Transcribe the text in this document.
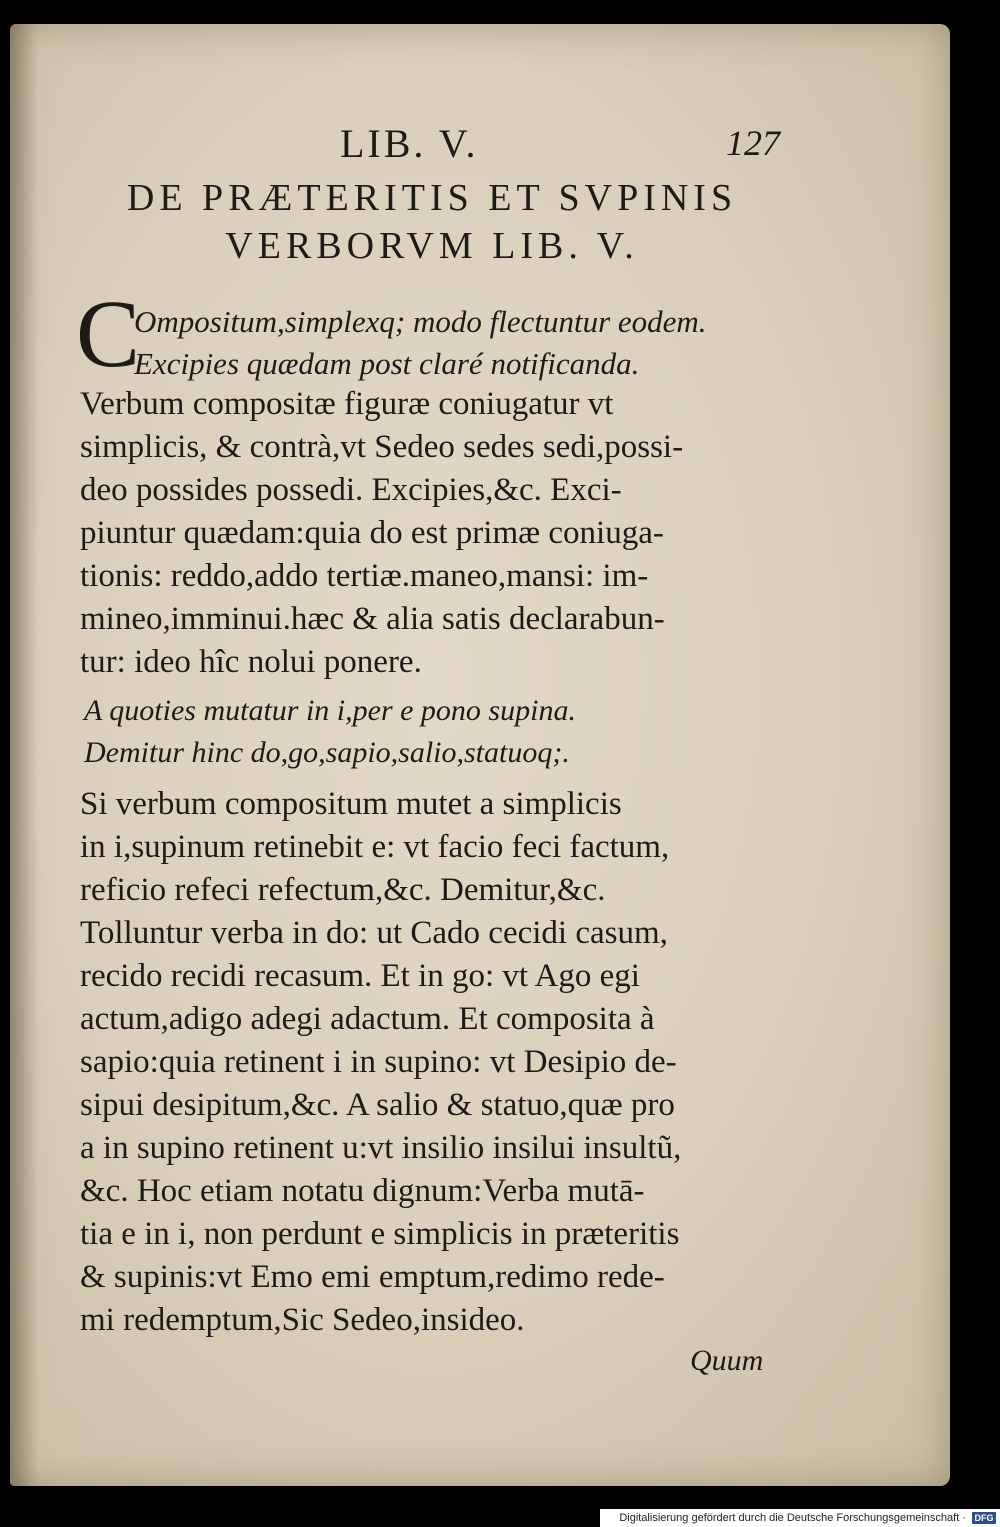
LIB. V.	127
DE PRÆTERITIS ET SVPINIS
VERBORVM LIB. V.
C
Ompositum,simplexq; modo flectuntur eodem.
Excipies quædam post claré notificanda.
Verbum compositæ figuræ coniugatur vt
simplicis, & contrà,vt Sedeo sedes sedi,possi-
deo possides possedi. Excipies,&c. Exci-
piuntur quædam:quia do est primæ coniuga-
tionis: reddo,addo tertiæ.maneo,mansi: im-
mineo,imminui.hæc & alia satis declarabun-
tur: ideo hîc nolui ponere.
A quoties mutatur in i,per e pono supina.
Demitur hinc do,go,sapio,salio,statuoq;.
Si verbum compositum mutet a simplicis
in i,supinum retinebit e: vt facio feci factum,
reficio refeci refectum,&c. Demitur,&c.
Tolluntur verba in do: ut Cado cecidi casum,
recido recidi recasum. Et in go: vt Ago egi
actum,adigo adegi adactum. Et composita à
sapio:quia retinent i in supino: vt Desipio de-
sipui desipitum,&c. A salio & statuo,quæ pro
a in supino retinent u:vt insilio insilui insultũ,
&c. Hoc etiam notatu dignum:Verba mutā-
tia e in i, non perdunt e simplicis in præteritis
& supinis:vt Emo emi emptum,redimo rede-
mi redemptum,Sic Sedeo,insideo.
Quum
Digitalisierung gefördert durch die Deutsche Forschungsgemeinschaft · DFG
